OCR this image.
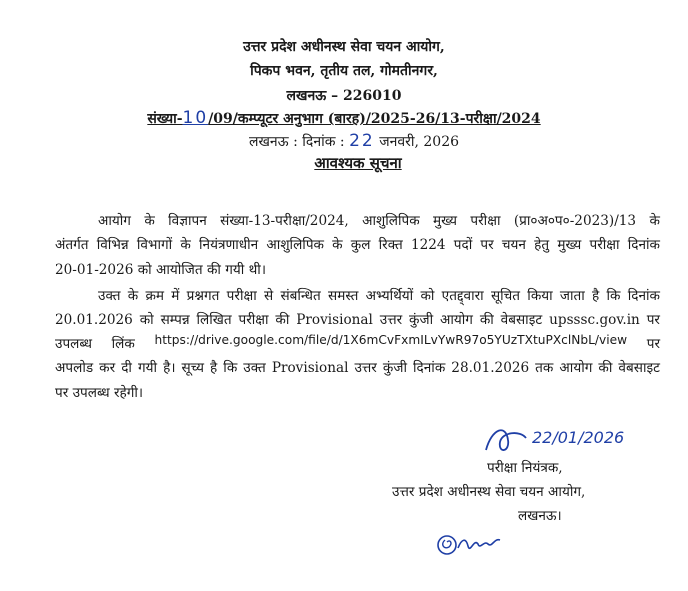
उत्तर प्रदेश अधीनस्थ सेवा चयन आयोग,
पिकप भवन, तृतीय तल, गोमतीनगर,
लखनऊ – 226010
संख्या-10/09/कम्प्यूटर अनुभाग (बारह)/2025-26/13-परीक्षा/2024
लखनऊ : दिनांक : 22 जनवरी, 2026
आवश्यक सूचना
आयोग के विज्ञापन संख्या-13-परीक्षा/2024, आशुलिपिक मुख्य परीक्षा (प्रा०अ०प०-2023)/13 के
अंतर्गत विभिन्न विभागों के नियंत्रणाधीन आशुलिपिक के कुल रिक्त 1224 पदों पर चयन हेतु मुख्य परीक्षा दिनांक
20-01-2026 को आयोजित की गयी थी।
उक्त के क्रम में प्रश्नगत परीक्षा से संबन्धित समस्त अभ्यर्थियों को एतद्द्वारा सूचित किया जाता है कि दिनांक
20.01.2026 को सम्पन्न लिखित परीक्षा की Provisional उत्तर कुंजी आयोग की वेबसाइट upsssc.gov.in पर
उपलब्ध लिंक https://drive.google.com/file/d/1X6mCvFxmILvYwR97o5YUzTXtuPXclNbL/view पर
अपलोड कर दी गयी है। सूच्य है कि उक्त Provisional उत्तर कुंजी दिनांक 28.01.2026 तक आयोग की वेबसाइट
पर उपलब्ध रहेगी।
22/01/2026
परीक्षा नियंत्रक,
उत्तर प्रदेश अधीनस्थ सेवा चयन आयोग,
लखनऊ।
